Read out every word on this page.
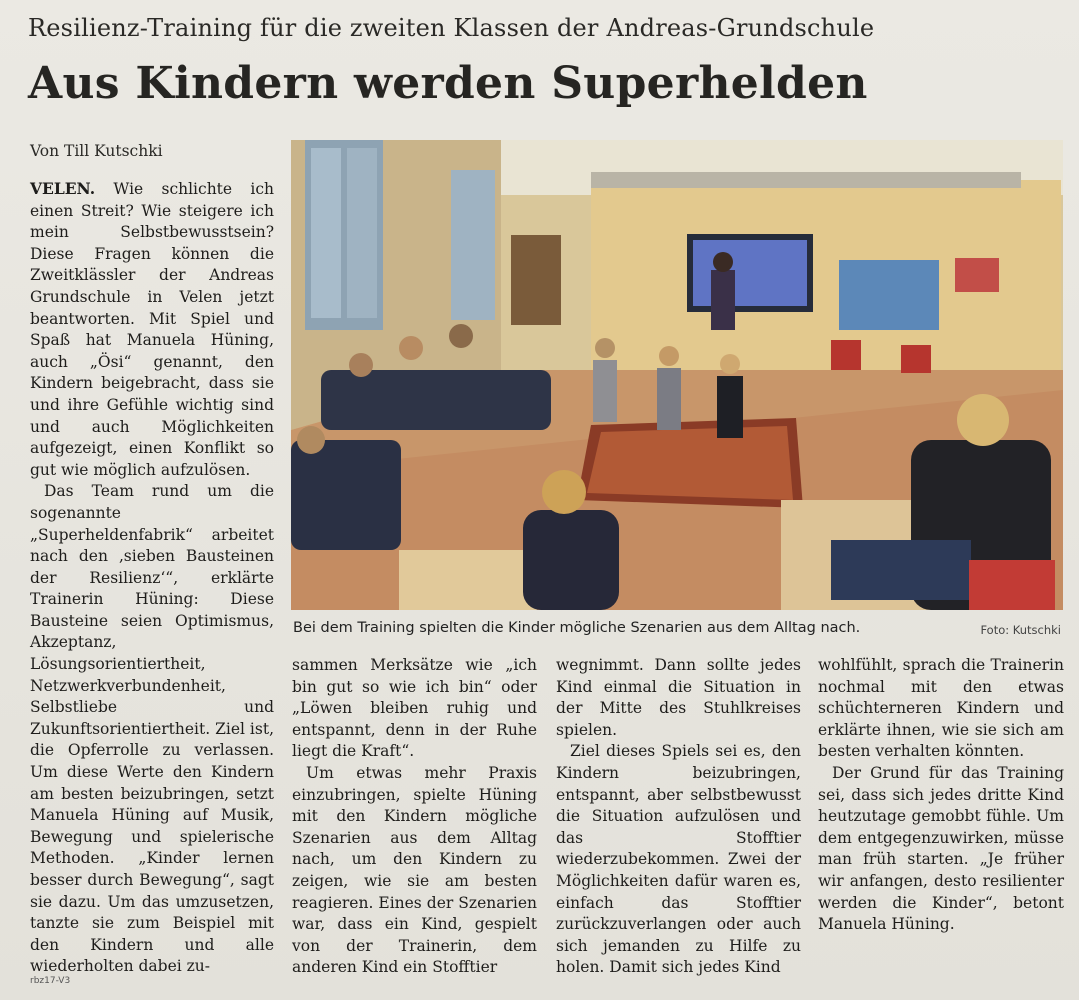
Resilienz-Training für die zweiten Klassen der Andreas-Grundschule
Aus Kindern werden Superhelden
Von Till Kutschki

VELEN. Wie schlichte ich einen Streit? Wie steigere ich mein Selbstbewusstsein? Diese Fragen können die Zweitklässler der Andreas Grundschule in Velen jetzt beantworten. Mit Spiel und Spaß hat Manuela Hüning, auch „Ösi“ genannt, den Kindern beigebracht, dass sie und ihre Gefühle wichtig sind und auch Möglichkeiten aufgezeigt, einen Konflikt so gut wie möglich aufzulösen.

Das Team rund um die sogenannte „Superheldenfabrik“ arbeitet nach den ‚sieben Bausteinen der Resilienz‘“, erklärte Trainerin Hüning: Diese Bausteine seien Optimismus, Akzeptanz, Lösungsorientiertheit, Netzwerkverbundenheit, Selbstliebe und Zukunftsorientiertheit. Ziel ist, die Opferrolle zu verlassen. Um diese Werte den Kindern am besten beizubringen, setzt Manuela Hüning auf Musik, Bewegung und spielerische Methoden. „Kinder lernen besser durch Bewegung“, sagt sie dazu. Um das umzusetzen, tanzte sie zum Beispiel mit den Kindern und alle wiederholten dabei zu-

Bei dem Training spielten die Kinder mögliche Szenarien aus dem Alltag nach.	Foto: Kutschki

sammen Merksätze wie „ich bin gut so wie ich bin“ oder „Löwen bleiben ruhig und entspannt, denn in der Ruhe liegt die Kraft“.

Um etwas mehr Praxis einzubringen, spielte Hüning mit den Kindern mögliche Szenarien aus dem Alltag nach, um den Kindern zu zeigen, wie sie am besten reagieren. Eines der Szenarien war, dass ein Kind, gespielt von der Trainerin, dem anderen Kind ein Stofftier

wegnimmt. Dann sollte jedes Kind einmal die Situation in der Mitte des Stuhlkreises spielen.

Ziel dieses Spiels sei es, den Kindern beizubringen, entspannt, aber selbstbewusst die Situation aufzulösen und das Stofftier wiederzubekommen. Zwei der Möglichkeiten dafür waren es, einfach das Stofftier zurückzuverlangen oder auch sich jemanden zu Hilfe zu holen. Damit sich jedes Kind

wohlfühlt, sprach die Trainerin nochmal mit den etwas schüchterneren Kindern und erklärte ihnen, wie sie sich am besten verhalten könnten.

Der Grund für das Training sei, dass sich jedes dritte Kind heutzutage gemobbt fühle. Um dem entgegenzuwirken, müsse man früh starten. „Je früher wir anfangen, desto resilienter werden die Kinder“, betont Manuela Hüning.

rbz17-V3
